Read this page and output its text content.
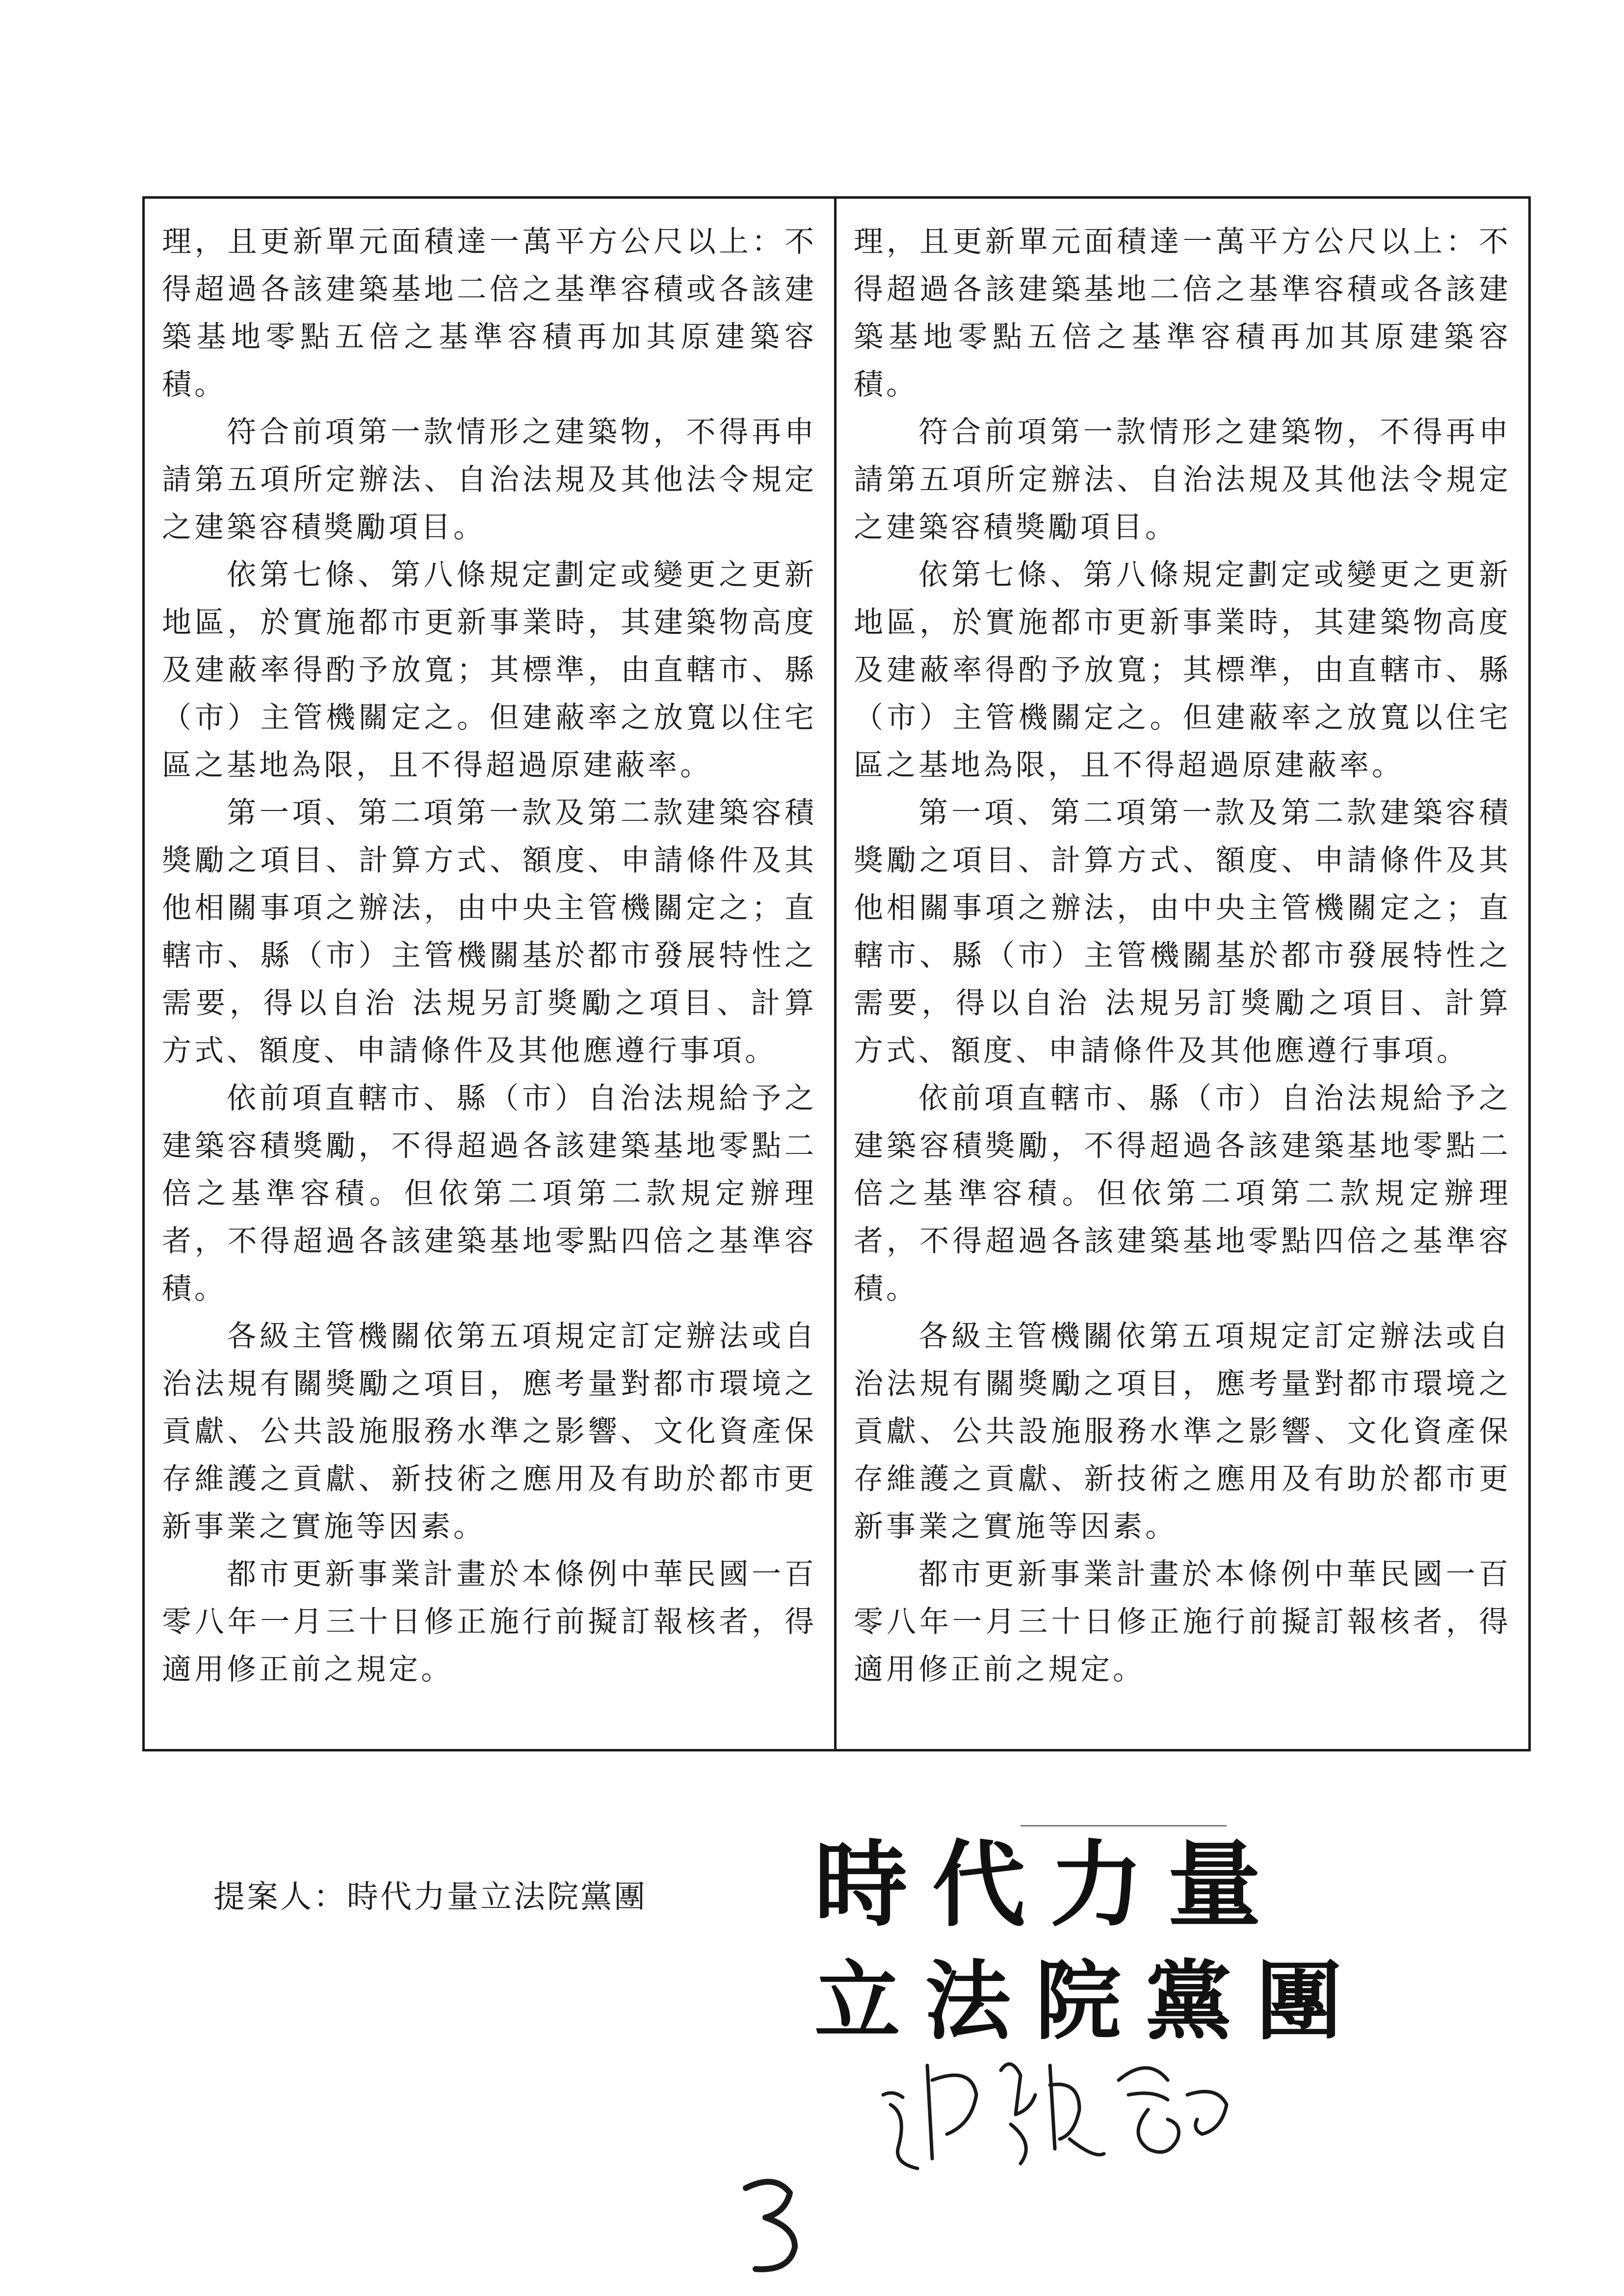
理，且更新單元面積達一萬平方公尺以上：不得超過各該建築基地二倍之基準容積或各該建築基地零點五倍之基準容積再加其原建築容積。

符合前項第一款情形之建築物，不得再申請第五項所定辦法、自治法規及其他法令規定之建築容積獎勵項目。

依第七條、第八條規定劃定或變更之更新地區，於實施都市更新事業時，其建築物高度及建蔽率得酌予放寬；其標準，由直轄市、縣（市）主管機關定之。但建蔽率之放寬以住宅區之基地為限，且不得超過原建蔽率。

第一項、第二項第一款及第二款建築容積獎勵之項目、計算方式、額度、申請條件及其他相關事項之辦法，由中央主管機關定之；直轄市、縣（市）主管機關基於都市發展特性之需要，得以自治 法規另訂獎勵之項目、計算方式、額度、申請條件及其他應遵行事項。

依前項直轄市、縣（市）自治法規給予之建築容積獎勵，不得超過各該建築基地零點二倍之基準容積。但依第二項第二款規定辦理者，不得超過各該建築基地零點四倍之基準容積。

各級主管機關依第五項規定訂定辦法或自治法規有關獎勵之項目，應考量對都市環境之貢獻、公共設施服務水準之影響、文化資產保存維護之貢獻、新技術之應用及有助於都市更新事業之實施等因素。

都市更新事業計畫於本條例中華民國一百零八年一月三十日修正施行前擬訂報核者，得適用修正前之規定。

理，且更新單元面積達一萬平方公尺以上：不得超過各該建築基地二倍之基準容積或各該建築基地零點五倍之基準容積再加其原建築容積。

符合前項第一款情形之建築物，不得再申請第五項所定辦法、自治法規及其他法令規定之建築容積獎勵項目。

依第七條、第八條規定劃定或變更之更新地區，於實施都市更新事業時，其建築物高度及建蔽率得酌予放寬；其標準，由直轄市、縣（市）主管機關定之。但建蔽率之放寬以住宅區之基地為限，且不得超過原建蔽率。

第一項、第二項第一款及第二款建築容積獎勵之項目、計算方式、額度、申請條件及其他相關事項之辦法，由中央主管機關定之；直轄市、縣（市）主管機關基於都市發展特性之需要，得以自治 法規另訂獎勵之項目、計算方式、額度、申請條件及其他應遵行事項。

依前項直轄市、縣（市）自治法規給予之建築容積獎勵，不得超過各該建築基地零點二倍之基準容積。但依第二項第二款規定辦理者，不得超過各該建築基地零點四倍之基準容積。

各級主管機關依第五項規定訂定辦法或自治法規有關獎勵之項目，應考量對都市環境之貢獻、公共設施服務水準之影響、文化資產保存維護之貢獻、新技術之應用及有助於都市更新事業之實施等因素。

都市更新事業計畫於本條例中華民國一百零八年一月三十日修正施行前擬訂報核者，得適用修正前之規定。

提案人：時代力量立法院黨團 時代力量
立法院黨團
